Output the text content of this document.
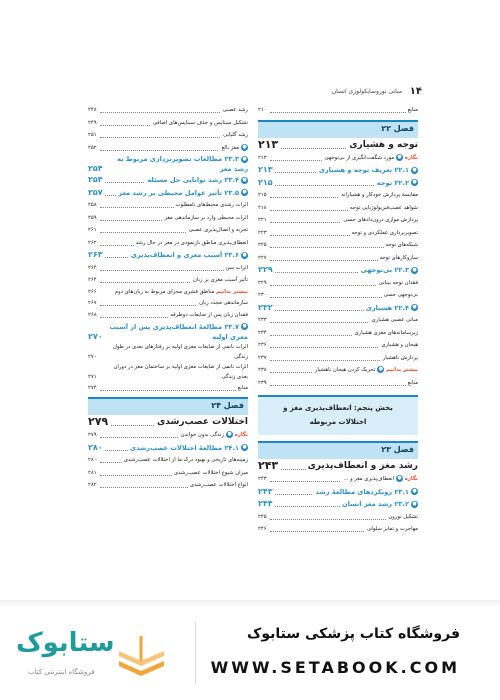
۱۴
مبانی نوروسایکولوژی انسان
منابع
۲۱۰
فصل ۲۲
توجه و هشیاری
۲۱۳
نگاره ●مورد شگفت‌انگیزی از بی‌توجهی
۲۱۳
●۲۲.۱ تعریف توجه و هشیاری
۲۱۳
●۲۲.۲ توجه
۲۱۵
مقایسهٔ پردازش خودکار و هشیارانه
۲۱۵
شواهد عصب‌فیزیولوژیایی توجه
۲۱۸
پردازش موازی درون‌دادهای حسی
۲۲۱
تصویربرداری عملکردی و توجه
۲۲۳
شبکه‌های توجه
۲۲۵
سازوکارهای توجه
۲۲۷
●۲۲.۳ بی‌توجهی
۲۲۹
فقدان توجه بینایی
۲۲۹
بی‌توجهی حسی
۲۳۰
●۲۲.۴ هشیاری
۲۳۲
مبانی عصبی هشیاری
۲۳۳
زیرسامانه‌های مغزی هشیاری
۲۳۴
هیجان و هشیاری
۲۳۶
پردازش ناهشیار
۲۳۷
بیشتر بدانیم ●تحریک کردن هیجان ناهشیار
۲۳۸
منابع
۲۳۹
بخش پنجم: انعطاف‌پذیری مغز و
اختلالات مربوطه
فصل ۲۳
رشد مغز و انعطاف‌پذیری
۲۴۳
نگاره ●انعطاف‌پذیری مغز و ...
۲۴۳
●۲۳.۱ رویکردهای مطالعهٔ رشد
۲۴۳
●۲۳.۲ رشد مغز انسان
۲۴۴
تشکیل نورون
۲۴۵
مهاجرت و تمایز سلولی
۲۴۶
رشد عصبی
۲۴۸
تشکیل سیناپس و حذف سیناپس‌های اضافی
۲۴۹
رشد گلیایی
۲۵۱
●مغز بالغ
۲۵۲
●۲۳.۳ مطالعات تصویربرداری مربوط به رشد مغز
۲۵۴
●۲۳.۴ رشد توانایی حل مسئله
۲۵۴
●۲۳.۵ تأثیر عوامل محیطی بر رشد مغز
۲۵۷
اثرات رشدی محیط‌های نامطلوب
۲۵۸
اثرات محیطی وارد بر سازماندهی مغز
۲۵۹
تجربه و اتصال‌پذیری عصبی
۲۶۱
انعطاف‌پذیری مناطق بازنمودی در مغز در حال رشد
۲۶۲
●۲۳.۶ آسیب مغزی و انعطاف‌پذیری
۲۶۳
اثرات سن
۲۶۴
تأثیر آسیب مغزی بر زبان
۲۶۴
بیشتر بدانیم مناطق قشری مجزای مربوط به زبان‌های دوم
۲۶۶
سازماندهی مجدد زبان
۲۶۷
فقدان زبان پس از ضایعات دوطرفه
۲۶۸
●۲۳.۷ مطالعهٔ انعطاف‌پذیری پس از آسیب مغزی اولیه
۲۷۰
اثرات نانمی از ضایعات مغزی اولیه بر رفتارهای بعدی در طول زندگی
۲۷۰
اثرات نانمی از ضایعات مغزی اولیه بر ساختمان مغز در دوران بعدی زندگی
۲۷۱
منابع
۲۷۴
فصل ۲۴
اختلالات عصب‌رشدی
۲۷۹
نگاره ●زندگی بدون خواندن
۲۷۹
●۲۴.۱ مطالعهٔ اختلالات عصب‌رشدی
۲۸۰
زمینه‌های تاریخی و بهبود درک ما از اختلالات عصب‌رشدی
۲۸۰
میزان شیوع اختلالات عصب‌رشدی
۲۸۱
انواع اختلالات عصب‌رشدی
۲۸۲
ستابوک
فروشگاه اینترنتی کتاب
فروشگاه کتاب پزشکی ستابوک
WWW.SETABOOK.COM
